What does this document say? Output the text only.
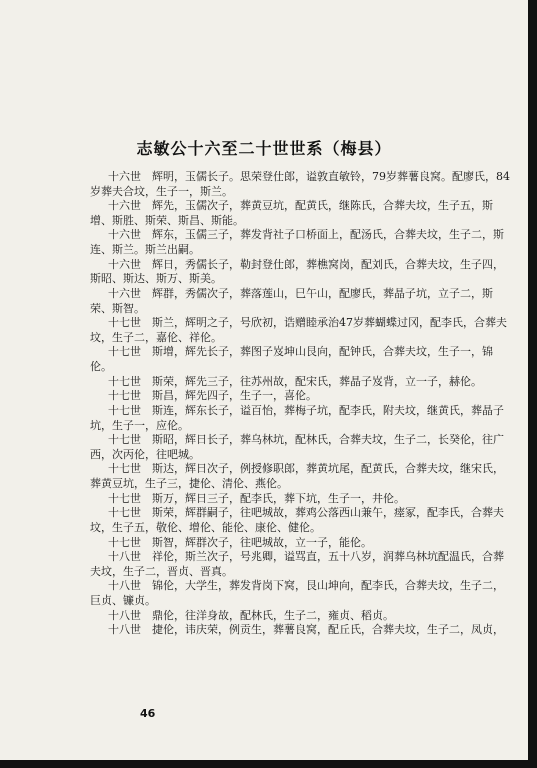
志敏公十六至二十世世系（梅县）
十六世　辉明，玉儒长子。思荣登仕郎，谥敦直敏铃，79岁葬薯良窝。配廖氏，84
岁葬夫合坟，生子一，斯兰。
十六世　辉先，玉儒次子，葬黄豆坑，配黄氏，继陈氏，合葬夫坟，生子五，斯
增、斯胜、斯荣、斯昌、斯能。
十六世　辉东，玉儒三子，葬发背社子口桥面上，配汤氏，合葬夫坟，生子二，斯
连、斯兰。斯兰出嗣。
十六世　辉日，秀儒长子，勒封登仕郎，葬樵窝岗，配刘氏，合葬夫坟，生子四，
斯昭、斯达、斯万、斯美。
十六世　辉群，秀儒次子，葬落莲山，巳午山，配廖氏，葬晶子坑，立子二，斯
荣、斯智。
十七世　斯兰，辉明之子，号欣初，诰赠睦承治47岁葬蝴蝶过冈，配李氏，合葬夫
坟，生子二，嘉伦、祥伦。
十七世　斯增，辉先长子，葬图子岌坤山艮向，配钟氏，合葬夫坟，生子一，锦
伦。
十七世　斯荣，辉先三子，往苏州故，配宋氏，葬晶子岌背，立一子，赫伦。
十七世　斯昌，辉先四子，生子一，喜伦。
十七世　斯连，辉东长子，谥百怡，葬梅子坑，配李氏，附夫坟，继黄氏，葬晶子
坑，生子一，应伦。
十七世　斯昭，辉日长子，葬乌林坑，配林氏，合葬夫坟，生子二，长癸伦，往广
西，次丙伦，往吧城。
十七世　斯达，辉日次子，例授修职郎，葬黄坑尾，配黄氏，合葬夫坟，继宋氏，
葬黄豆坑，生子三，捷伦、清伦、燕伦。
十七世　斯万，辉日三子，配李氏，葬下坑，生子一，井伦。
十七世　斯荣，辉群嗣子，往吧城故，葬鸡公落西山兼午，瘗冢，配李氏，合葬夫
坟，生子五，敬伦、增伦、能伦、康伦、健伦。
十七世　斯智，辉群次子，往吧城故，立一子，能伦。
十八世　祥伦，斯兰次子，号兆卿，谥骂直，五十八岁，润葬乌林坑配温氏，合葬
夫坟，生子二，晋贞、晋真。
十八世　锦伦，大学生，葬发背岗下窝，艮山坤向，配李氏，合葬夫坟，生子二，
巨贞、镰贞。
十八世　鼎伦，往洋身故，配林氏，生子二，雍贞、稻贞。
十八世　捷伦，讳庆荣，例贡生，葬薯良窝，配丘氏，合葬夫坟，生子二，凤贞，
46
